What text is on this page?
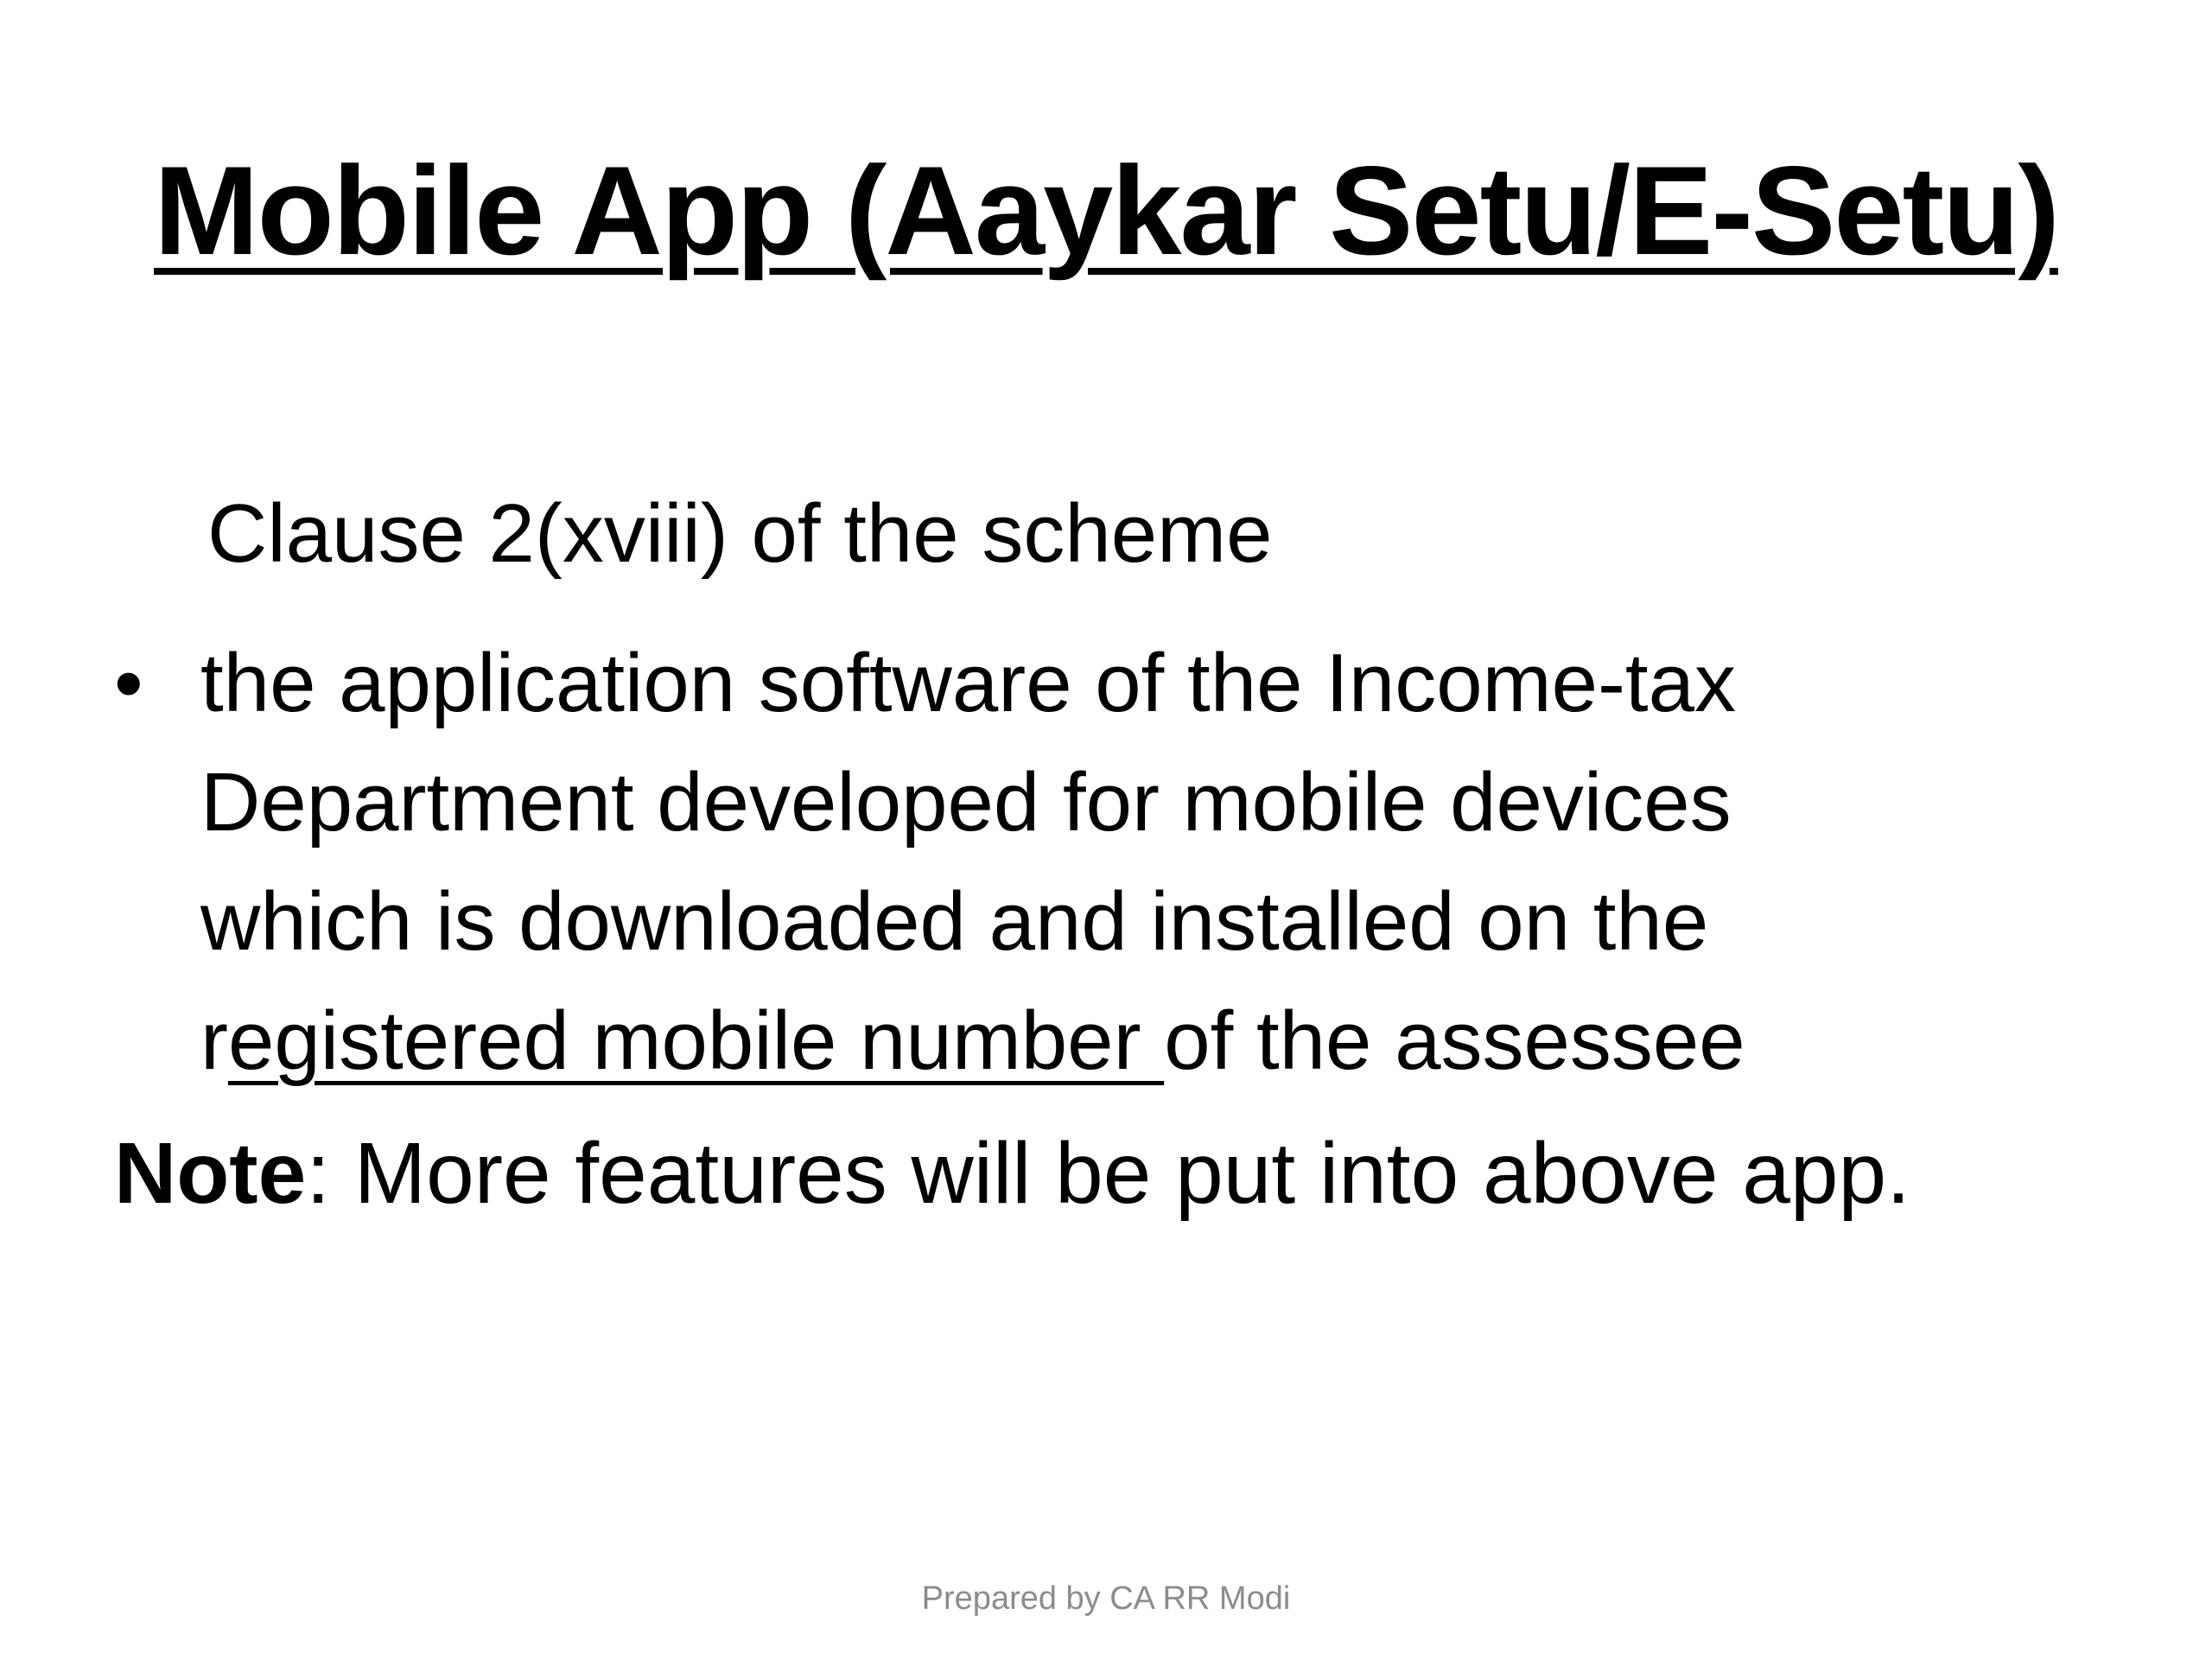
Mobile App (Aaykar Setu/E-Setu)
Clause 2(xviii) of the scheme
• the application software of the Income-tax
Department developed for mobile devices
which is downloaded and installed on the
registered mobile number of the assessee
Note: More features will be put into above app.
Prepared by CA RR Modi
